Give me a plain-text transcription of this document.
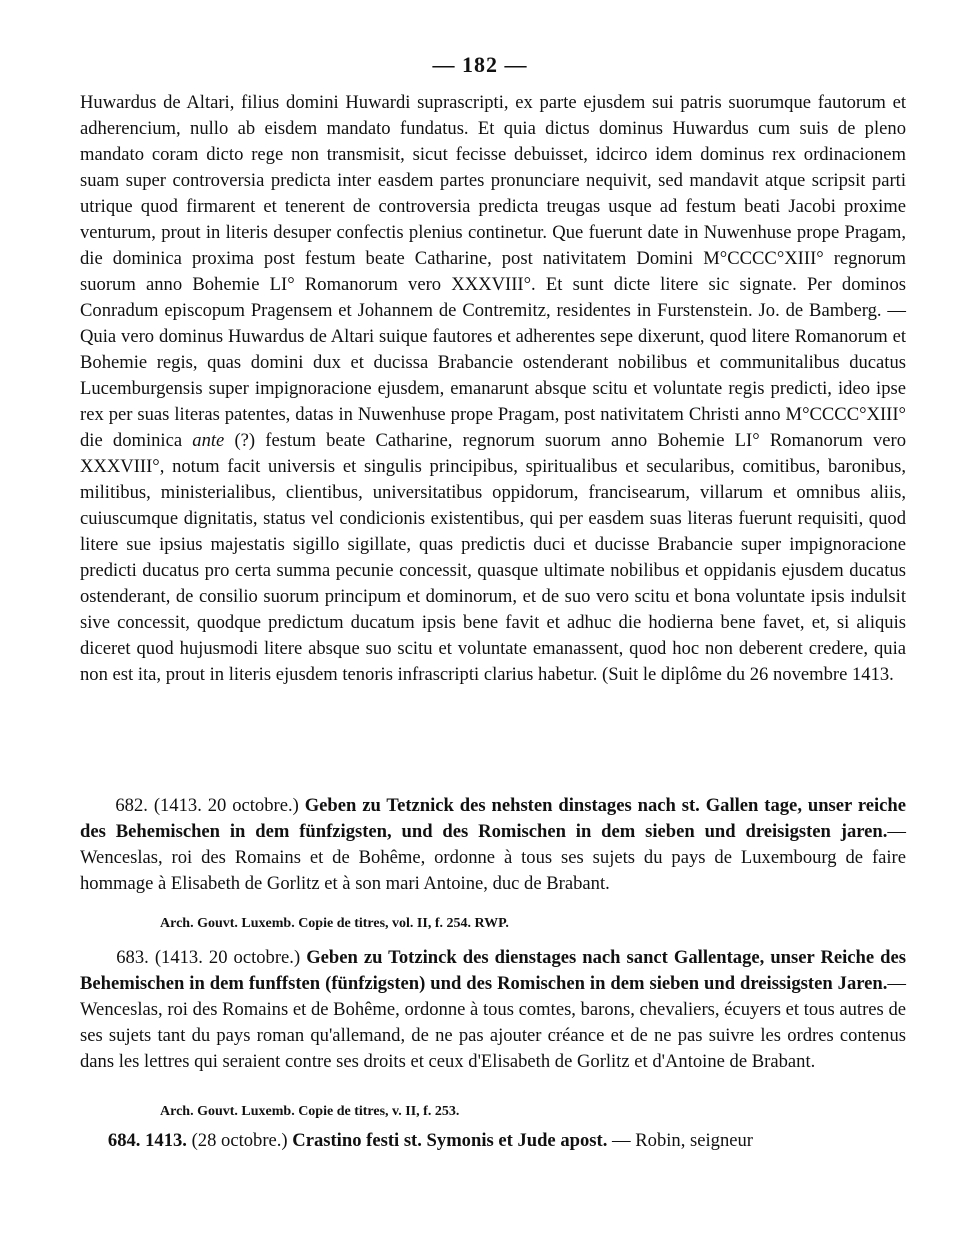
— 182 —
Huwardus de Altari, filius domini Huwardi suprascripti, ex parte ejusdem sui patris suorumque fautorum et adherencium, nullo ab eisdem mandato fundatus. Et quia dictus dominus Huwardus cum suis de pleno mandato coram dicto rege non transmisit, sicut fecisse debuisset, idcirco idem dominus rex ordinacionem suam super controversia predicta inter easdem partes pronunciare nequivit, sed mandavit atque scripsit parti utrique quod firmarent et tenerent de controversia predicta treugas usque ad festum beati Jacobi proxime venturum, prout in literis desuper confectis plenius continetur. Que fuerunt date in Nuwenhuse prope Pragam, die dominica proxima post festum beate Catharine, post nativitatem Domini M°CCCC°XIII° regnorum suorum anno Bohemie LI° Romanorum vero XXXVIII°. Et sunt dicte litere sic signate. Per dominos Conradum episcopum Pragensem et Johannem de Contremitz, residentes in Furstenstein. Jo. de Bamberg. — Quia vero dominus Huwardus de Altari suique fautores et adherentes sepe dixerunt, quod litere Romanorum et Bohemie regis, quas domini dux et ducissa Brabancie ostenderant nobilibus et communitalibus ducatus Lucemburgensis super impignoracione ejusdem, emanarunt absque scitu et voluntate regis predicti, ideo ipse rex per suas literas patentes, datas in Nuwenhuse prope Pragam, post nativitatem Christi anno M°CCCC°XIII° die dominica ante (?) festum beate Catharine, regnorum suorum anno Bohemie LI° Romanorum vero XXXVIII°, notum facit universis et singulis principibus, spiritualibus et secularibus, comitibus, baronibus, militibus, ministerialibus, clientibus, universitatibus oppidorum, francisearum, villarum et omnibus aliis, cuiuscumque dignitatis, status vel condicionis existentibus, qui per easdem suas literas fuerunt requisiti, quod litere sue ipsius majestatis sigillo sigillate, quas predictis duci et ducisse Brabancie super impignoracione predicti ducatus pro certa summa pecunie concessit, quasque ultimate nobilibus et oppidanis ejusdem ducatus ostenderant, de consilio suorum principum et dominorum, et de suo vero scitu et bona voluntate ipsis indulsit sive concessit, quodque predictum ducatum ipsis bene favit et adhuc die hodierna bene favet, et, si aliquis diceret quod hujusmodi litere absque suo scitu et voluntate emanassent, quod hoc non deberent credere, quia non est ita, prout in literis ejusdem tenoris infrascripti clarius habetur. (Suit le diplôme du 26 novembre 1413.
682. (1413. 20 octobre.) Geben zu Tetznick des nehsten dinstages nach st. Gallen tage, unser reiche des Behemischen in dem fünfzigsten, und des Romischen in dem sieben und dreisigsten jaren.—Wenceslas, roi des Romains et de Bohême, ordonne à tous ses sujets du pays de Luxembourg de faire hommage à Elisabeth de Gorlitz et à son mari Antoine, duc de Brabant.
Arch. Gouvt. Luxemb. Copie de titres, vol. II, f. 254. RWP.
683. (1413. 20 octobre.) Geben zu Totzinck des dienstages nach sanct Gallentage, unser Reiche des Behemischen in dem funffsten (fünfzigsten) und des Romischen in dem sieben und dreissigsten Jaren.—Wenceslas, roi des Romains et de Bohême, ordonne à tous comtes, barons, chevaliers, écuyers et tous autres de ses sujets tant du pays roman qu'allemand, de ne pas ajouter créance et de ne pas suivre les ordres contenus dans les lettres qui seraient contre ses droits et ceux d'Elisabeth de Gorlitz et d'Antoine de Brabant.
Arch. Gouvt. Luxemb. Copie de titres, v. II, f. 253.
684. 1413. (28 octobre.) Crastino festi st. Symonis et Jude apost. — Robin, seigneur
